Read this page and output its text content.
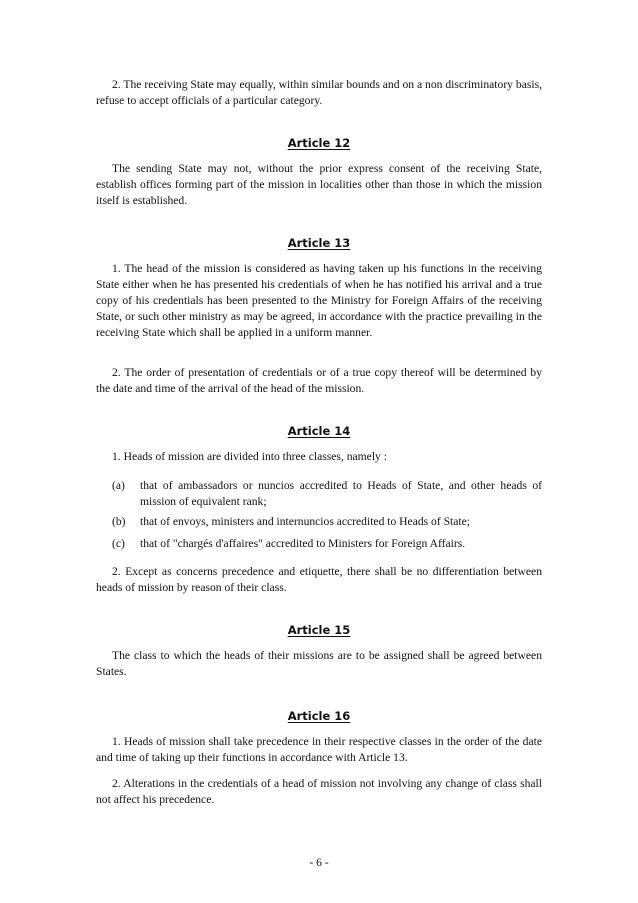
2. The receiving State may equally, within similar bounds and on a non discriminatory basis, refuse to accept officials of a particular category.

Article 12

The sending State may not, without the prior express consent of the receiving State, establish offices forming part of the mission in localities other than those in which the mission itself is established.

Article 13

1. The head of the mission is considered as having taken up his functions in the receiving State either when he has presented his credentials of when he has notified his arrival and a true copy of his credentials has been presented to the Ministry for Foreign Affairs of the receiving State, or such other ministry as may be agreed, in accordance with the practice prevailing in the receiving State which shall be applied in a uniform manner.

2. The order of presentation of credentials or of a true copy thereof will be determined by the date and time of the arrival of the head of the mission.

Article 14

1. Heads of mission are divided into three classes, namely :

(a)	that of ambassadors or nuncios accredited to Heads of State, and other heads of mission of equivalent rank;
(b)	that of envoys, ministers and internuncios accredited to Heads of State;
(c)	that of "chargés d'affaires" accredited to Ministers for Foreign Affairs.

2. Except as concerns precedence and etiquette, there shall be no differentiation between heads of mission by reason of their class.

Article 15

The class to which the heads of their missions are to be assigned shall be agreed between States.

Article 16

1. Heads of mission shall take precedence in their respective classes in the order of the date and time of taking up their functions in accordance with Article 13.

2. Alterations in the credentials of a head of mission not involving any change of class shall not affect his precedence.

- 6 -
